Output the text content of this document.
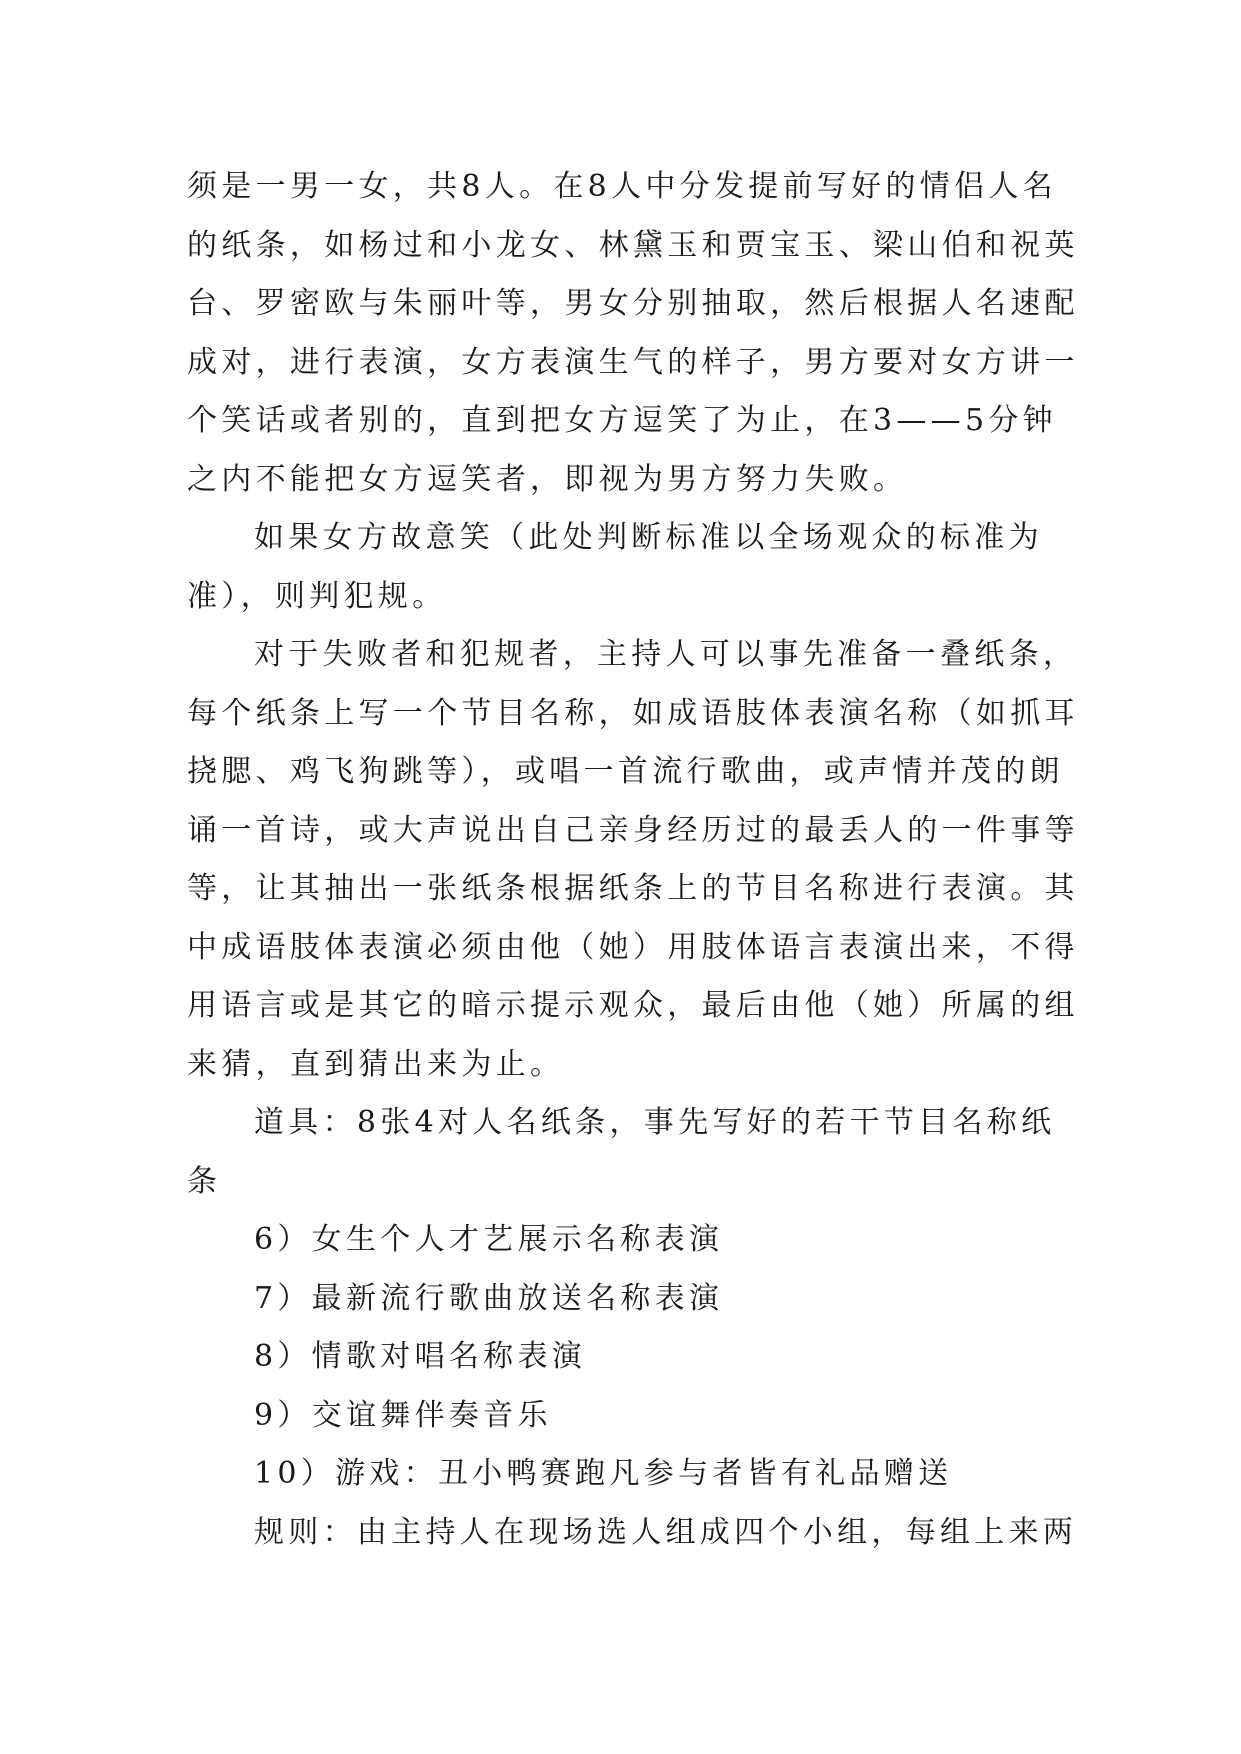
须是一男一女，共8人。在8人中分发提前写好的情侣人名
的纸条，如杨过和小龙女、林黛玉和贾宝玉、梁山伯和祝英
台、罗密欧与朱丽叶等，男女分别抽取，然后根据人名速配
成对，进行表演，女方表演生气的样子，男方要对女方讲一
个笑话或者别的，直到把女方逗笑了为止，在3——5分钟
之内不能把女方逗笑者，即视为男方努力失败。
如果女方故意笑（此处判断标准以全场观众的标准为
准），则判犯规。
对于失败者和犯规者，主持人可以事先准备一叠纸条，
每个纸条上写一个节目名称，如成语肢体表演名称（如抓耳
挠腮、鸡飞狗跳等），或唱一首流行歌曲，或声情并茂的朗
诵一首诗，或大声说出自己亲身经历过的最丢人的一件事等
等，让其抽出一张纸条根据纸条上的节目名称进行表演。其
中成语肢体表演必须由他（她）用肢体语言表演出来，不得
用语言或是其它的暗示提示观众，最后由他（她）所属的组
来猜，直到猜出来为止。
道具：8张4对人名纸条，事先写好的若干节目名称纸
条
6）女生个人才艺展示名称表演
7）最新流行歌曲放送名称表演
8）情歌对唱名称表演
9）交谊舞伴奏音乐
10）游戏：丑小鸭赛跑凡参与者皆有礼品赠送
规则：由主持人在现场选人组成四个小组，每组上来两
